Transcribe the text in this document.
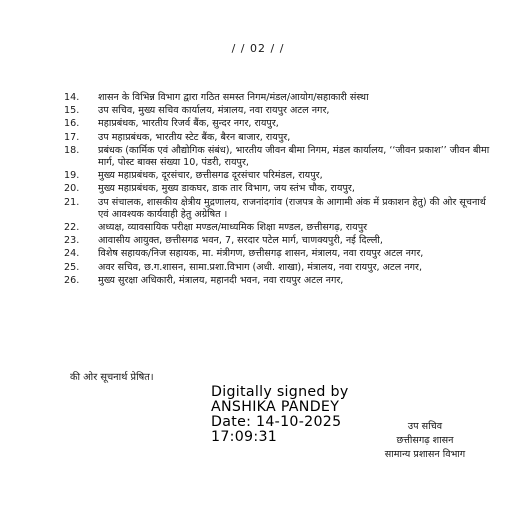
/ / 02 / /
14.	शासन के विभिन्न विभाग द्वारा गठित समस्त निगम/मंडल/आयोग/सहाकारी संस्था
15.	उप सचिव, मुख्य सचिव कार्यालय, मंत्रालय, नवा रायपुर अटल नगर,
16.	महाप्रबंधक, भारतीय रिजर्व बैंक, सुन्दर नगर, रायपुर,
17.	उप महाप्रबंधक, भारतीय स्टेट बैंक, बैरन बाजार, रायपुर,
18.	प्रबंधक (कार्मिक एवं औद्योगिक संबंध), भारतीय जीवन बीमा निगम, मंडल कार्यालय, ‘‘जीवन प्रकाश’’ जीवन बीमा मार्ग, पोस्ट बाक्स संख्या 10, पंडरी, रायपुर,
19.	मुख्य महाप्रबंधक, दूरसंचार, छत्तीसगढ दूरसंचार परिमंडल, रायपुर,
20.	मुख्य महाप्रबंधक, मुख्य डाकघर, डाक तार विभाग, जय स्तंभ चौक, रायपुर,
21.	उप संचालक, शासकीय क्षेत्रीय मुद्रणालय, राजनांदगांव (राजपत्र के आगामी अंक में प्रकाशन हेतु) की ओर सूचनार्थ एवं आवश्यक कार्यवाही हेतु अग्रेषित ।
22.	अध्यक्ष, व्यावसायिक परीक्षा मण्डल/माध्यमिक शिक्षा मण्डल, छत्तीसगढ़, रायपुर
23.	आवासीय आयुक्त, छत्तीसगढ भवन, 7, सरदार पटेल मार्ग, चाणक्यपुरी, नई दिल्ली,
24.	विशेष सहायक/निज सहायक, मा. मंत्रीगण, छत्तीसगढ़ शासन, मंत्रालय, नवा रायपुर अटल नगर,
25.	अवर सचिव, छ.ग.शासन, सामा.प्रशा.विभाग (अधी. शाखा), मंत्रालय, नवा रायपुर, अटल नगर,
26.	मुख्य सुरक्षा अधिकारी, मंत्रालय, महानदी भवन, नवा रायपुर अटल नगर,
की ओर सूचनार्थ प्रेषित।
Digitally signed by
ANSHIKA PANDEY
Date: 14-10-2025
17:09:31
उप सचिव
छत्तीसगढ़ शासन
सामान्य प्रशासन विभाग
